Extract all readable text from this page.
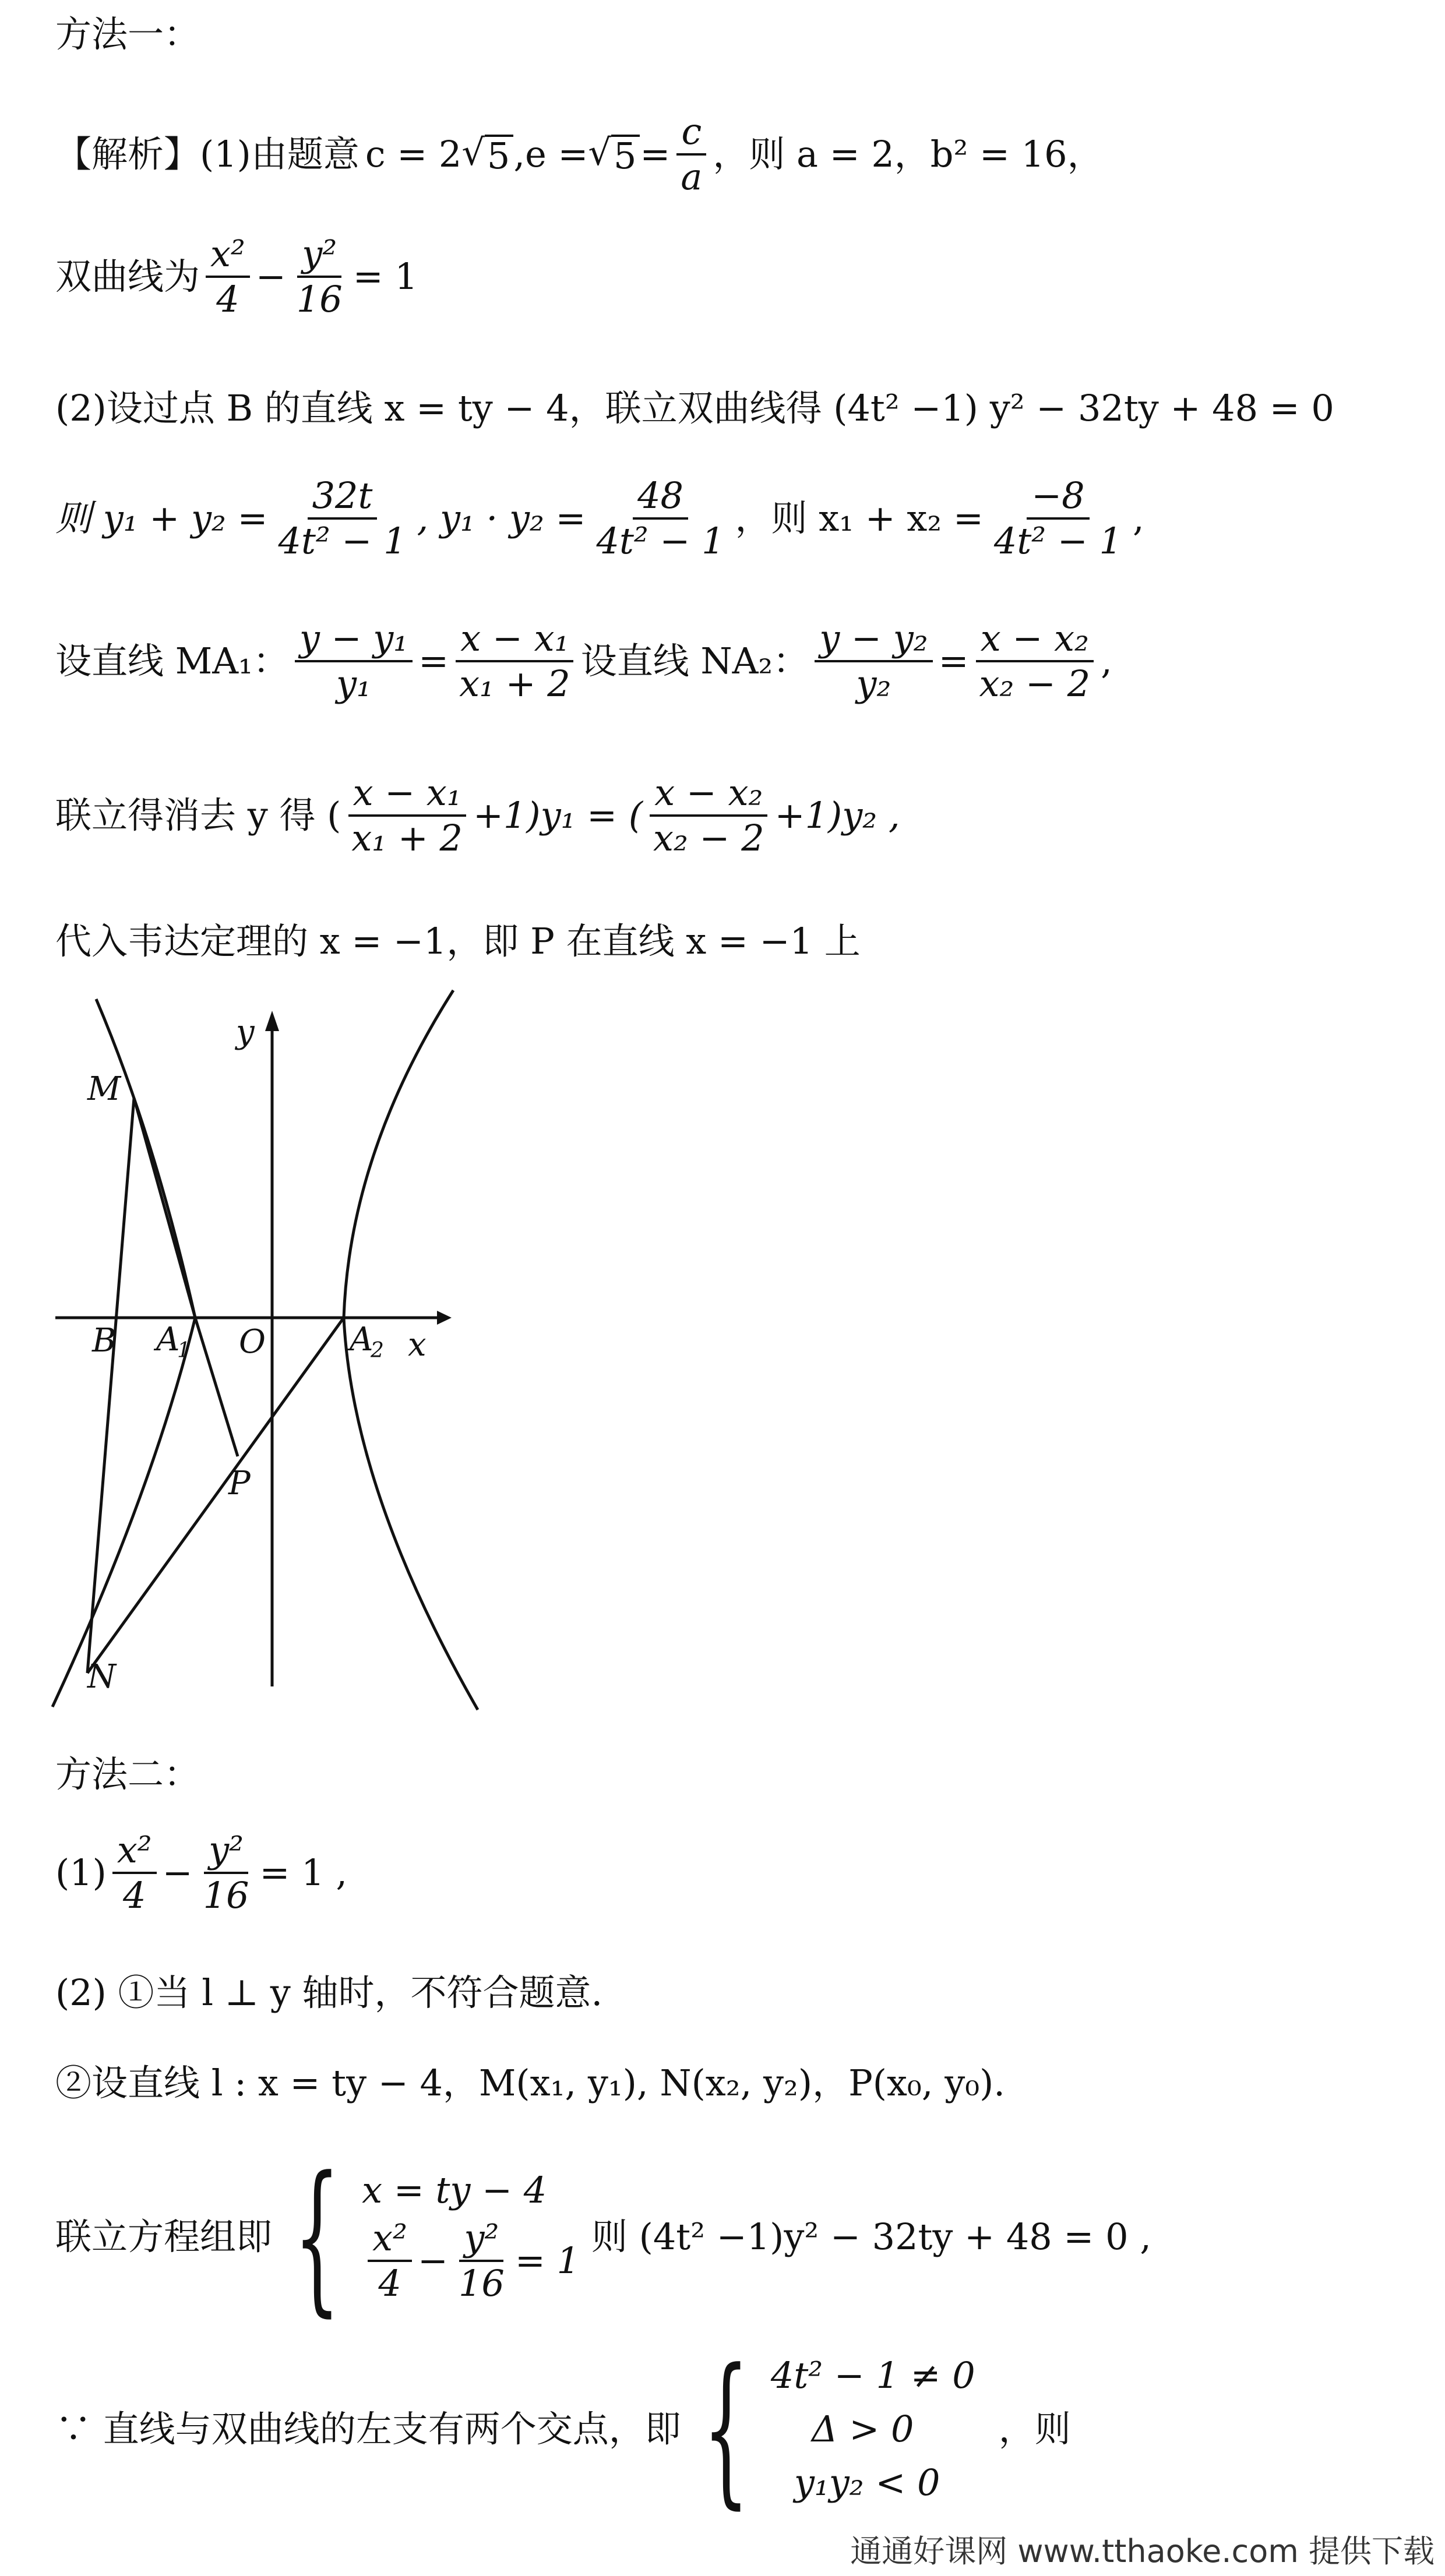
方法一：
【解析】 (1)由题意 c = 2 √ 5 ,e = √ $5 = \frac{c}{a}$ ，则 a = 2，b² = 16，
双曲线为 $\frac{\text{x²}}{4} - \frac{\text{y²}}{16} = 1$
(2)设过点 B 的直线 x = ty − 4，联立双曲线得 (4t² −1) y² − 32ty + 48 = 0
则 $y_1 + y_2 = \frac{32t}{\text{4t² − 1}}$ , $y_1 \cdot y_2 = \frac{48}{\text{4t² − 1}}$ ，则 $x_1 + x_2 = \frac{-8}{\text{4t² − 1}}$ ,
设直线 MA₁： $\frac{\text{y − y₁}}{\text{y₁}} = \frac{\text{x − x₁}}{\text{x₁ + 2}}$ 设直线 NA₂： $\frac{\text{y − y₂}}{\text{y₂}} = \frac{\text{x − x₂}}{\text{x₂ − 2}}$ ,
联立得消去 y 得 ( $\frac{\text{x − x₁}}{\text{x₁ + 2}} +1)y_1$ = ( $\frac{\text{x − x₂}}{\text{x₂ − 2}} +1)y_2$ ,
代入韦达定理的 x = −1，即 P 在直线 x = −1 上
y
x
M
B A
1 O	A
2
P
N
方法二：
$(1) \frac{\text{x²}}{4} - \frac{\text{y²}}{16} = 1$ ,
(2) ①当 l ⊥ y 轴时，不符合题意.
②设直线 l : x = ty − 4，M(x₁, y₁), N(x₂, y₂)，P(x₀, y₀).
联立方程组即 { x = ty − 4
$\frac{\text{x²}}{4} - \frac{\text{y²}}{16} = 1$
则 (4t² −1)y² − 32ty + 48 = 0 ,
∵ 直线与双曲线的左支有两个交点，即 { 4t² − 1 ≠ 0
Δ > 0
y₁y₂ < 0
，则
通通好课网 www.tthaoke.com 提供下载
